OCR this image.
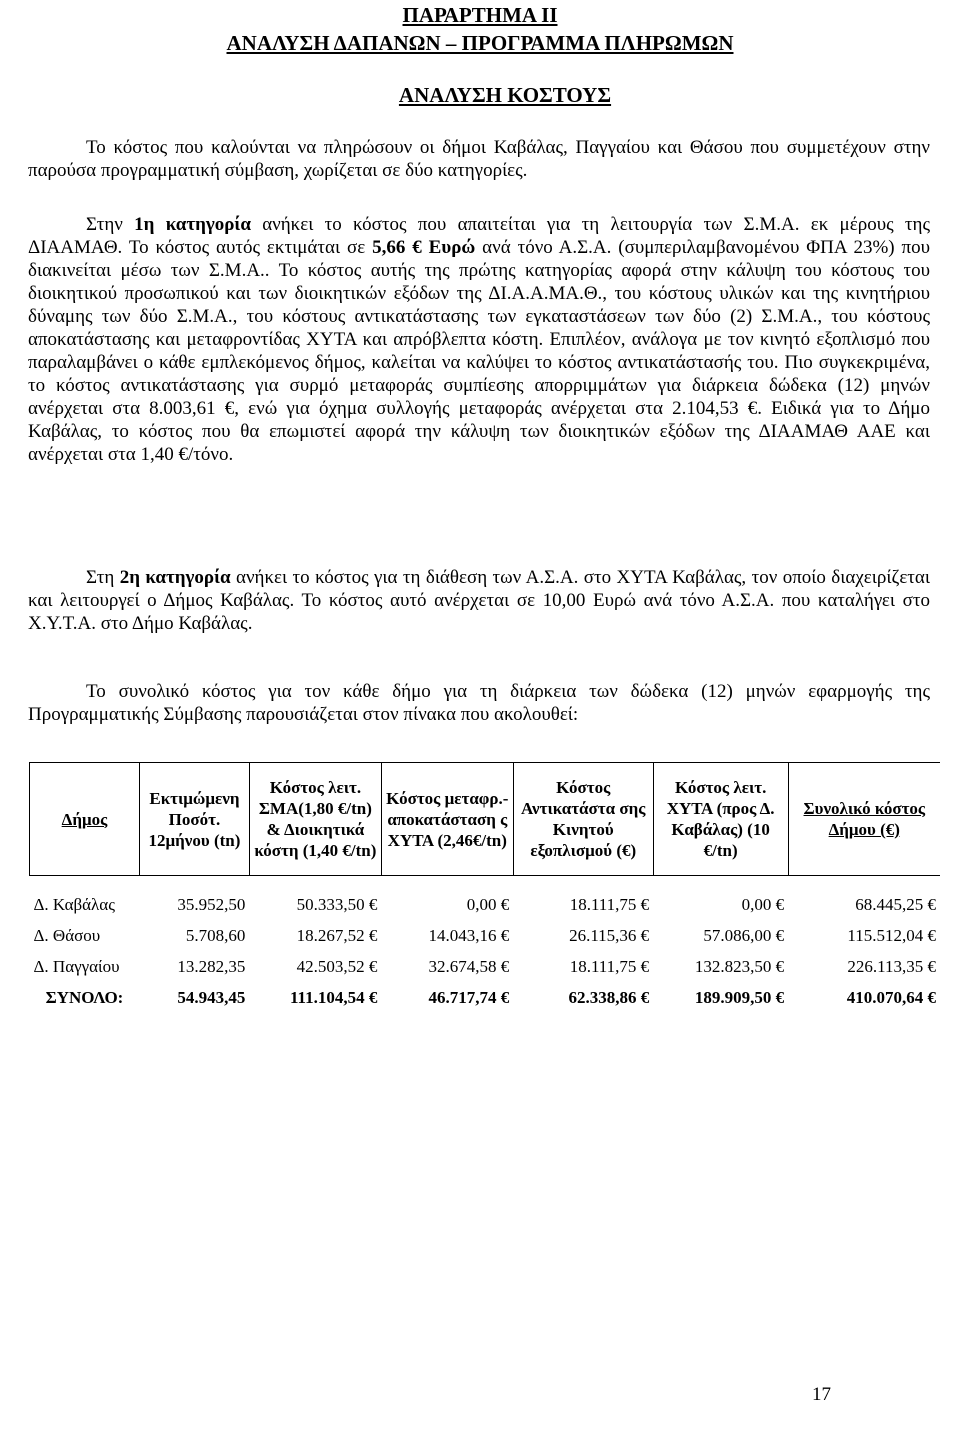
ΠΑΡΑΡΤΗΜΑ ΙΙ
ΑΝΑΛΥΣΗ ΔΑΠΑΝΩΝ – ΠΡΟΓΡΑΜΜΑ ΠΛΗΡΩΜΩΝ
ΑΝΑΛΥΣΗ ΚΟΣΤΟΥΣ
Το κόστος που καλούνται να πληρώσουν οι δήμοι Καβάλας, Παγγαίου και Θάσου που συμμετέχουν στην παρούσα προγραμματική σύμβαση, χωρίζεται σε δύο κατηγορίες.
Στην 1η κατηγορία ανήκει το κόστος που απαιτείται για τη λειτουργία των Σ.Μ.Α. εκ μέρους της ΔΙΑΑΜΑΘ. Το κόστος αυτός εκτιμάται σε 5,66 € Ευρώ ανά τόνο Α.Σ.Α. (συμπεριλαμβανομένου ΦΠΑ 23%) που διακινείται μέσω των Σ.Μ.Α.. Το κόστος αυτής της πρώτης κατηγορίας αφορά στην κάλυψη του κόστους του διοικητικού προσωπικού και των διοικητικών εξόδων της ΔΙ.Α.Α.ΜΑ.Θ., του κόστους υλικών και της κινητήριου δύναμης των δύο Σ.Μ.Α., του κόστους αντικατάστασης των εγκαταστάσεων των δύο (2) Σ.Μ.Α., του κόστους αποκατάστασης και μεταφροντίδας ΧΥΤΑ και απρόβλεπτα κόστη. Επιπλέον, ανάλογα με τον κινητό εξοπλισμό που παραλαμβάνει ο κάθε εμπλεκόμενος δήμος, καλείται να καλύψει το κόστος αντικατάστασής του. Πιο συγκεκριμένα, το κόστος αντικατάστασης για συρμό μεταφοράς συμπίεσης απορριμμάτων για διάρκεια δώδεκα (12) μηνών ανέρχεται στα 8.003,61 €, ενώ για όχημα συλλογής μεταφοράς ανέρχεται στα 2.104,53 €. Ειδικά για το Δήμο Καβάλας, το κόστος που θα επωμιστεί αφορά την κάλυψη των διοικητικών εξόδων της ΔΙΑΑΜΑΘ ΑΑΕ και ανέρχεται στα 1,40 €/τόνο.
Στη 2η κατηγορία ανήκει το κόστος για τη διάθεση των Α.Σ.Α. στο ΧΥΤΑ Καβάλας, τον οποίο διαχειρίζεται και λειτουργεί ο Δήμος Καβάλας. Το κόστος αυτό ανέρχεται σε 10,00 Ευρώ ανά τόνο Α.Σ.Α. που καταλήγει στο Χ.Υ.Τ.Α. στο Δήμο Καβάλας.
Το συνολικό κόστος για τον κάθε δήμο για τη διάρκεια των δώδεκα (12) μηνών εφαρμογής της Προγραμματικής Σύμβασης παρουσιάζεται στον πίνακα που ακολουθεί:
Δήμος	Εκτιμώμενη Ποσότ. 12μήνου (tn)	Κόστος λειτ. ΣΜΑ(1,80 €/tn) & Διοικητικά κόστη (1,40 €/tn)	Κόστος μεταφρ.-αποκατάσταση ς ΧΥΤΑ (2,46€/tn)	Κόστος Αντικατάστα σης Κινητού εξοπλισμού (€)	Κόστος λειτ. ΧΥΤΑ (προς Δ. Καβάλας) (10 €/tn)	Συνολικό κόστος Δήμου (€)
Δ. Καβάλας	35.952,50	50.333,50 €	0,00 €	18.111,75 €	0,00 €	68.445,25 €
Δ. Θάσου	5.708,60	18.267,52 €	14.043,16 €	26.115,36 €	57.086,00 €	115.512,04 €
Δ. Παγγαίου	13.282,35	42.503,52 €	32.674,58 €	18.111,75 €	132.823,50 €	226.113,35 €
ΣΥΝΟΛΟ:	54.943,45	111.104,54 €	46.717,74 €	62.338,86 €	189.909,50 €	410.070,64 €
17
